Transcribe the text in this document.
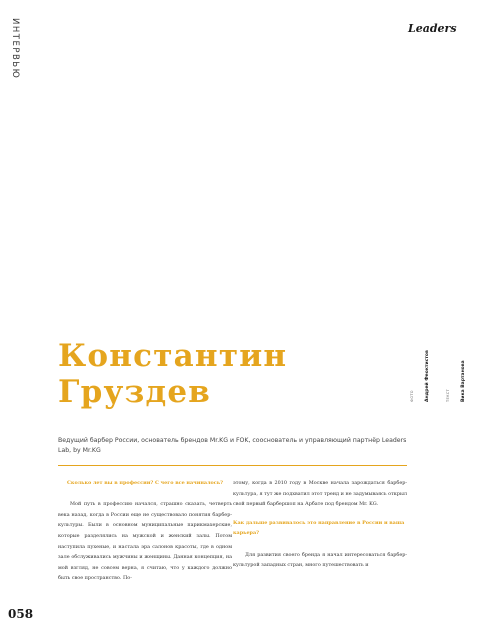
ИНТЕРВЬЮ	Leaders
ФОТО Андрей Феоктистов	ТЕКСТ Вика Вартанова
Константин
Груздев

Ведущий барбер России, основатель брендов Mr.KG и FOK, сооснователь и управляющий партнёр Leaders Lab, by Mr.KG

Сколько лет вы в профессии? С чего все начиналось?

Мой путь в профессию начался, страшно сказать, четверть века назад, когда в России еще не существовало понятия барбер-культуры. Были в основном муниципальные парикмахерские, которые разделялись на мужской и женский залы. Потом наступила пухеные, и настала эра салонов красоты, где в одном зале обслуживались мужчины и женщины. Данная концепция, на мой взгляд, не совсем верна, я считаю, что у каждого должно быть свое пространство. По-

этому, когда в 2010 году в Москве начала зарождаться барбер-культура, я тут же подхватил этот тренд и не задумываясь открыл свой первый барбершоп на Арбате под брендом Mr. KG.

Как дальше развивалось это направление в России и ваша карьера?

Для развития своего бренда я начал интересоваться барбер-культурой западных стран, много путешествовать и

058
